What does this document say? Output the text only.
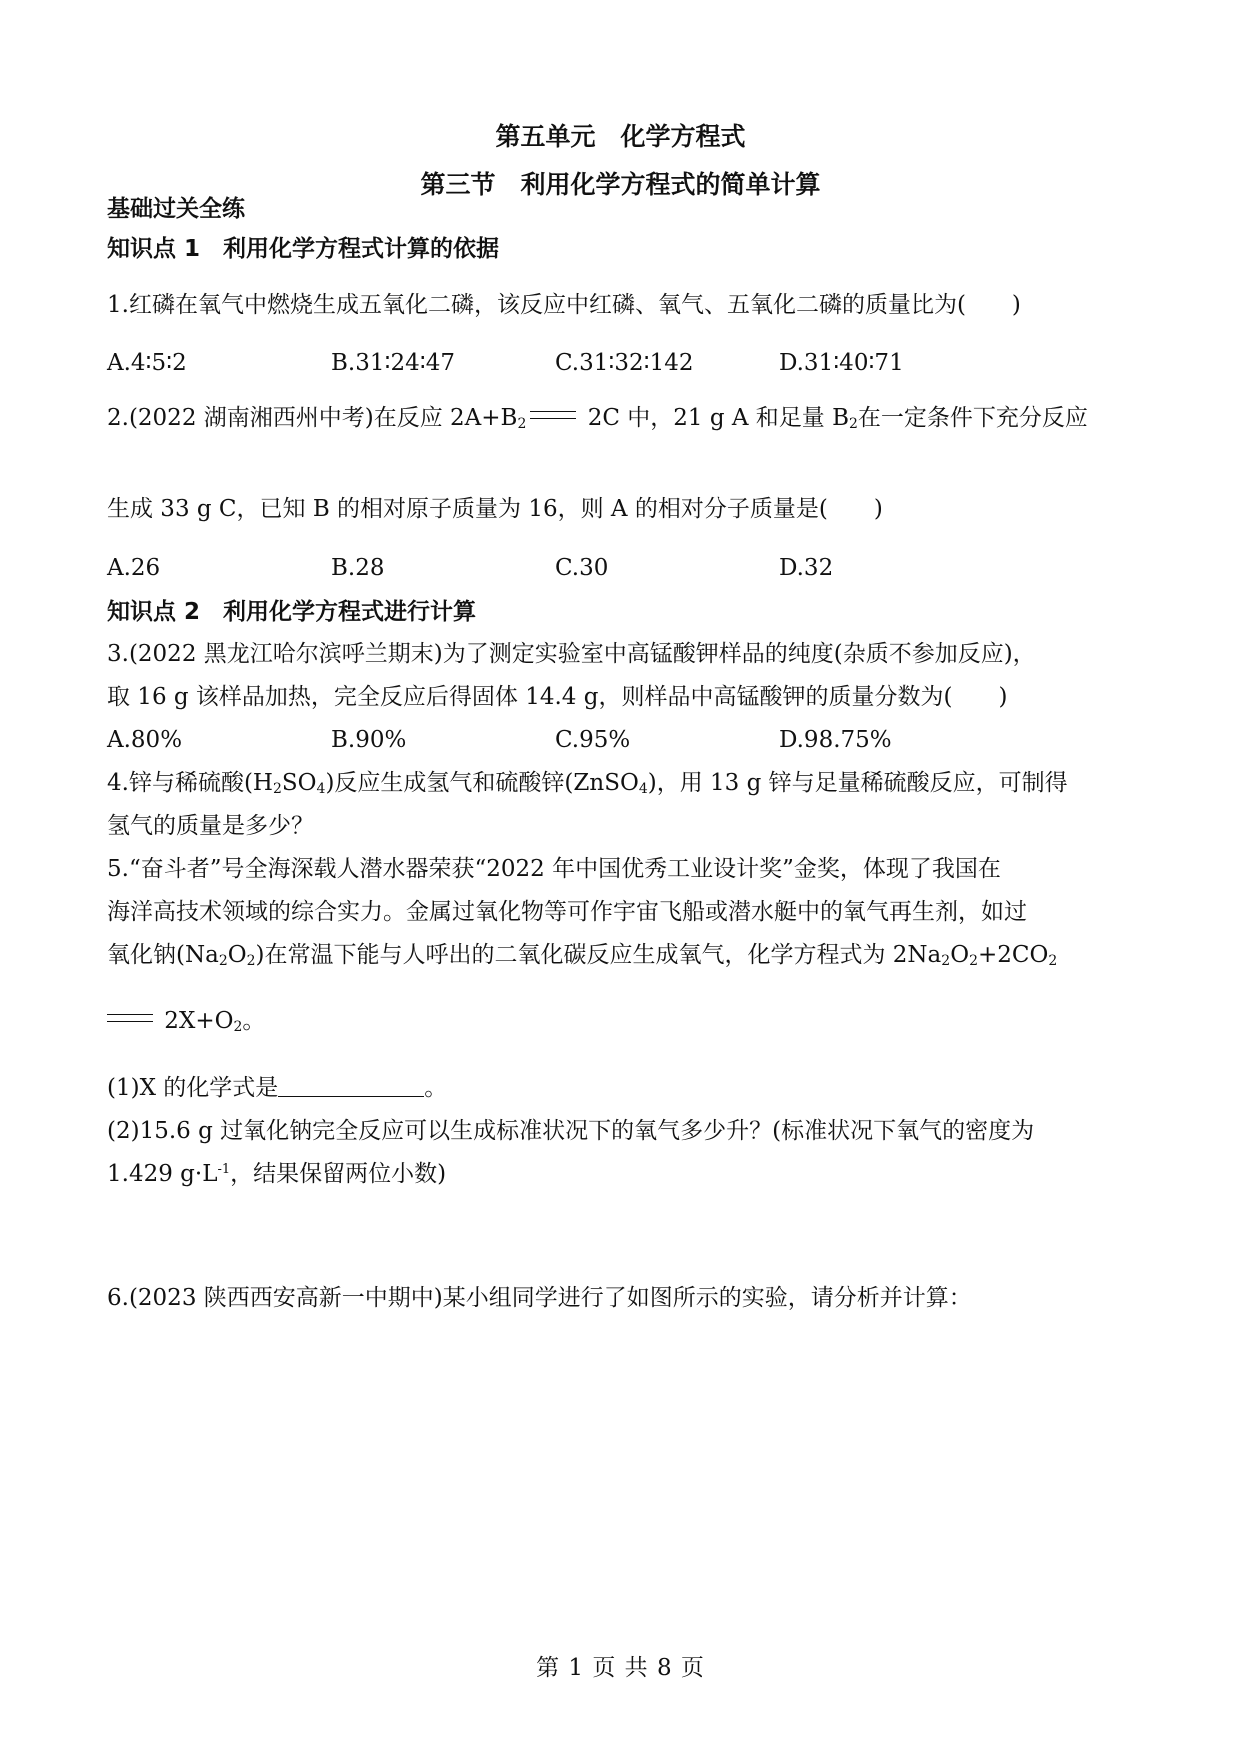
第五单元　化学方程式
第三节　利用化学方程式的简单计算
基础过关全练
知识点 1　利用化学方程式计算的依据
1.红磷在氧气中燃烧生成五氧化二磷，该反应中红磷、氧气、五氧化二磷的质量比为(　　)
A.4∶5∶2	B.31∶24∶47	C.31∶32∶142	D.31∶40∶71
2.(2022 湖南湘西州中考)在反应 $2A+B_2$ 2C 中，21 g A 和足量 $B_2$在一定条件下充分反应
生成 33 g C，已知 B 的相对原子质量为 16，则 A 的相对分子质量是(　　)
A.26	B.28	C.30	D.32
知识点 2　利用化学方程式进行计算
3.(2022 黑龙江哈尔滨呼兰期末)为了测定实验室中高锰酸钾样品的纯度(杂质不参加反应)，
取 16 g 该样品加热，完全反应后得固体 14.4 g，则样品中高锰酸钾的质量分数为(　　)
A.80%	B.90%	C.95%	D.98.75%
4.锌与稀硫酸$(H_2SO_4)$反应生成氢气和硫酸锌(ZnSO$_4$)，用 13 g 锌与足量稀硫酸反应，可制得
氢气的质量是多少？
5.“奋斗者”号全海深载人潜水器荣获“2022 年中国优秀工业设计奖”金奖，体现了我国在
海洋高技术领域的综合实力。金属过氧化物等可作宇宙飞船或潜水艇中的氧气再生剂，如过
氧化钠$(Na_2O_2)$在常温下能与人呼出的二氧化碳反应生成氧气，化学方程式为 $2Na_2O_2+2CO_2$
$2X+O_2$。
(1)X 的化学式是	。
(2)15.6 g 过氧化钠完全反应可以生成标准状况下的氧气多少升？(标准状况下氧气的密度为
1.429 $g\cdot L^{-1}$，结果保留两位小数)
6.(2023 陕西西安高新一中期中)某小组同学进行了如图所示的实验，请分析并计算：
第 1 页 共 8 页
